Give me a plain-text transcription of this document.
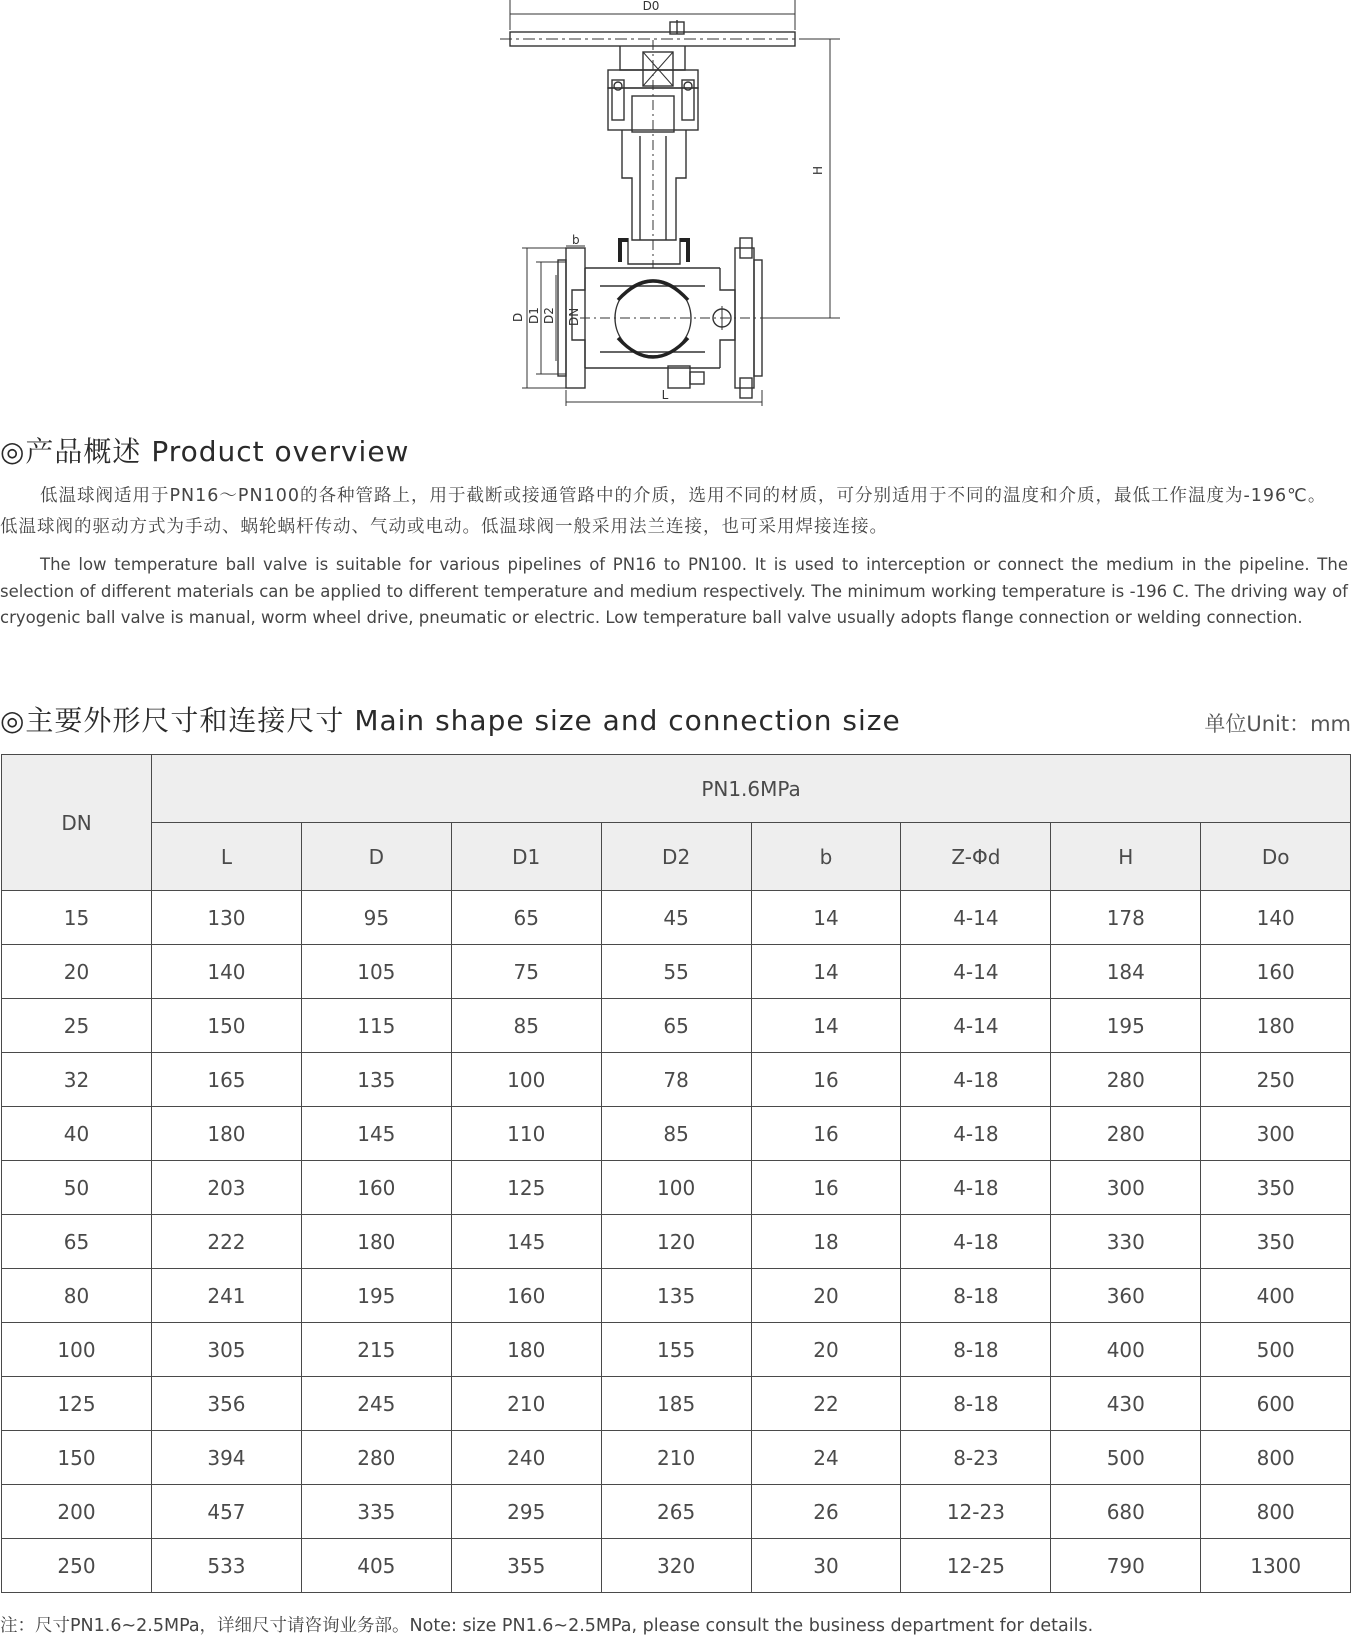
D0
H
b
D D1 D2 DN
L
◎产品概述 Product overview
低温球阀适用于PN16～PN100的各种管路上，用于截断或接通管路中的介质，选用不同的材质，可分别适用于不同的温度和介质，最低工作温度为-196℃。低温球阀的驱动方式为手动、蜗轮蜗杆传动、气动或电动。低温球阀一般采用法兰连接，也可采用焊接连接。
The low temperature ball valve is suitable for various pipelines of PN16 to PN100. It is used to interception or connect the medium in the pipeline. The selection of different materials can be applied to different temperature and medium respectively. The minimum working temperature is -196 C. The driving way of cryogenic ball valve is manual, worm wheel drive, pneumatic or electric. Low temperature ball valve usually adopts flange connection or welding connection.
◎主要外形尺寸和连接尺寸 Main shape size and connection size	单位Unit：mm
DN	PN1.6MPa							
	L	D	D1	D2	b	Z-Φd	H	Do
15	130	95	65	45	14	4-14	178	140
20	140	105	75	55	14	4-14	184	160
25	150	115	85	65	14	4-14	195	180
32	165	135	100	78	16	4-18	280	250
40	180	145	110	85	16	4-18	280	300
50	203	160	125	100	16	4-18	300	350
65	222	180	145	120	18	4-18	330	350
80	241	195	160	135	20	8-18	360	400
100	305	215	180	155	20	8-18	400	500
125	356	245	210	185	22	8-18	430	600
150	394	280	240	210	24	8-23	500	800
200	457	335	295	265	26	12-23	680	800
250	533	405	355	320	30	12-25	790	1300
注：尺寸PN1.6~2.5MPa，详细尺寸请咨询业务部。Note: size PN1.6~2.5MPa, please consult the business department for details.
